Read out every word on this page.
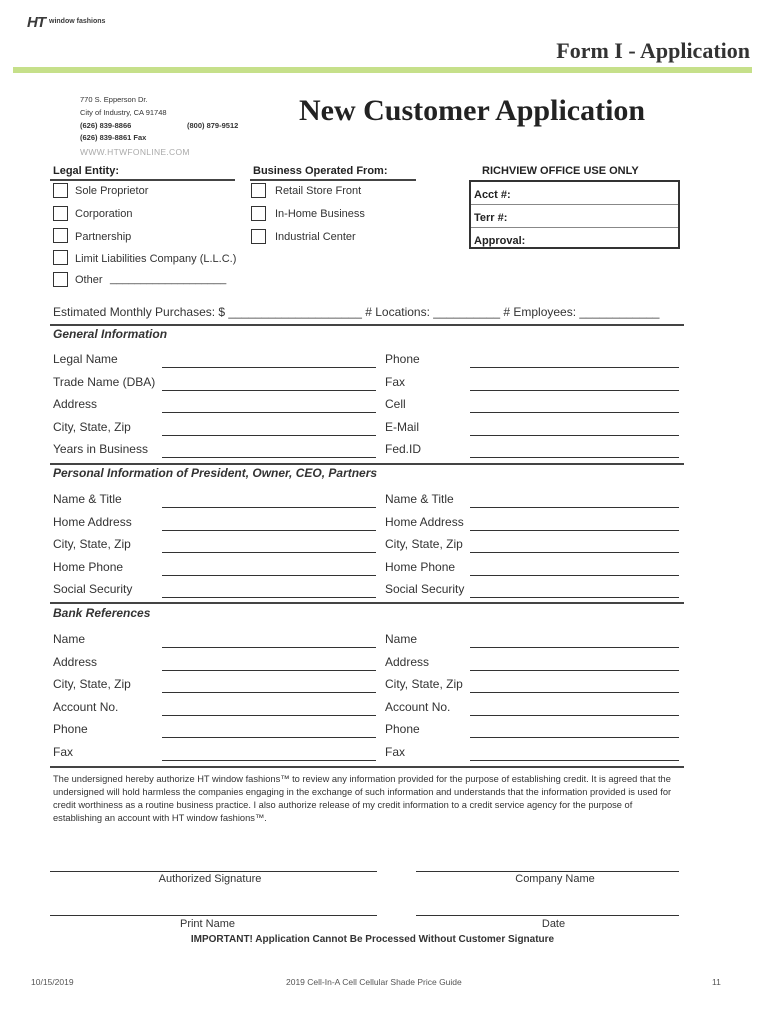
HT window fashions
Form I - Application
770 S. Epperson Dr.
City of Industry, CA 91748
(626) 839-8866	(800) 879-9512
(626) 839-8861 Fax
WWW.HTWFONLINE.COM
New Customer Application
Legal Entity:
Sole Proprietor
Corporation
Partnership
Limit Liabilities Company (L.L.C.)
Other ___________________
Business Operated From:
Retail Store Front
In-Home Business
Industrial Center
RICHVIEW OFFICE USE ONLY
Acct #:
Terr #:
Approval:
Estimated Monthly Purchases: $ ____________________ # Locations: __________ # Employees: ____________
General Information
Legal Name	Phone
Trade Name (DBA)	Fax
Address	Cell
City, State, Zip	E-Mail
Years in Business	Fed.ID
Personal Information of President, Owner, CEO, Partners
Name & Title	Name & Title
Home Address	Home Address
City, State, Zip	City, State, Zip
Home Phone	Home Phone
Social Security	Social Security
Bank References
Name	Name
Address	Address
City, State, Zip	City, State, Zip
Account No.	Account No.
Phone	Phone
Fax	Fax
The undersigned hereby authorize HT window fashions™ to review any information provided for the purpose of establishing credit. It is agreed that the undersigned will hold harmless the companies engaging in the exchange of such information and understands that the information provided is used for credit worthiness as a routine business practice. I also authorize release of my credit information to a credit service agency for the purpose of establishing an account with HT window fashions™.
Authorized Signature	Company Name
Print Name	Date
IMPORTANT! Application Cannot Be Processed Without Customer Signature
10/15/2019	2019 Cell-In-A Cell Cellular Shade Price Guide	11
